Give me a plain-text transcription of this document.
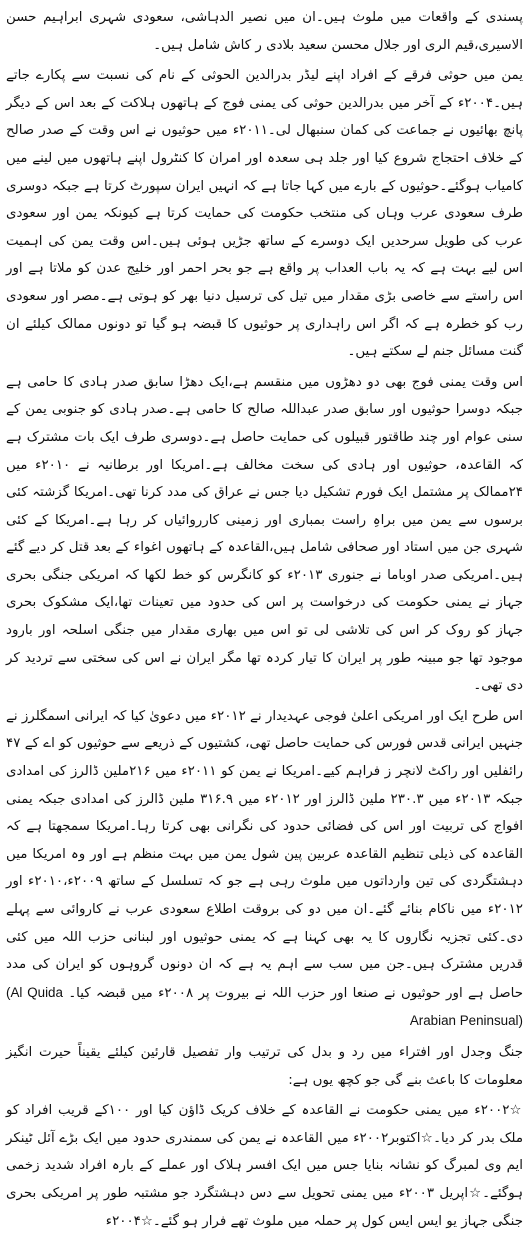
پسندی کے واقعات میں ملوث ہیں۔ان میں نصیر الدہاشی، سعودی شہری ابراہیم حسن الاسیری،قیم الری اور جلال محسن سعید بلادی ر کاش شامل ہیں۔

یمن میں حوثی فرقے کے افراد اپنے لیڈر بدرالدین الحوثی کے نام کی نسبت سے پکارے جاتے ہیں۔۲۰۰۴ء کے آخر میں بدرالدین حوثی کی یمنی فوج کے ہاتھوں ہلاکت کے بعد اس کے دیگر پانچ بھائیوں نے جماعت کی کمان سنبھال لی۔۲۰۱۱ء میں حوثیوں نے اس وقت کے صدر صالح کے خلاف احتجاج شروع کیا اور جلد ہی سعدہ اور امران کا کنٹرول اپنے ہاتھوں میں لینے میں کامیاب ہوگئے۔حوثیوں کے بارے میں کہا جاتا ہے کہ انہیں ایران سپورٹ کرتا ہے جبکہ دوسری طرف سعودی عرب وہاں کی منتخب حکومت کی حمایت کرتا ہے کیونکہ یمن اور سعودی عرب کی طویل سرحدیں ایک دوسرے کے ساتھ جڑیں ہوئی ہیں۔اس وقت یمن کی اہمیت اس لیے بہت ہے کہ یہ باب العداب پر واقع ہے جو بحر احمر اور خلیج عدن کو ملاتا ہے اور اس راستے سے خاصی بڑی مقدار میں تیل کی ترسیل دنیا بھر کو ہوتی ہے۔مصر اور سعودی رب کو خطرہ ہے کہ اگر اس راہداری پر حوثیوں کا قبضہ ہو گیا تو دونوں ممالک کیلئے ان گنت مسائل جنم لے سکتے ہیں۔

اس وقت یمنی فوج بھی دو دھڑوں میں منقسم ہے،ایک دھڑا سابق صدر ہادی کا حامی ہے جبکہ دوسرا حوثیوں اور سابق صدر عبداللہ صالح کا حامی ہے۔صدر ہادی کو جنوبی یمن کے سنی عوام اور چند طاقتور قبیلوں کی حمایت حاصل ہے۔دوسری طرف ایک بات مشترک ہے کہ القاعدہ، حوثیوں اور ہادی کی سخت مخالف ہے۔امریکا اور برطانیہ نے ۲۰۱۰ء میں ۲۴ممالک پر مشتمل ایک فورم تشکیل دیا جس نے عراق کی مدد کرنا تھی۔امریکا گزشتہ کئی برسوں سے یمن میں براہِ راست بمباری اور زمینی کارروائیاں کر رہا ہے۔امریکا کے کئی شہری جن میں استاد اور صحافی شامل ہیں،القاعدہ کے ہاتھوں اغواء کے بعد قتل کر دیے گئے ہیں۔امریکی صدر اوباما نے جنوری ۲۰۱۳ء کو کانگرس کو خط لکھا کہ امریکی جنگی بحری جہاز نے یمنی حکومت کی درخواست پر اس کی حدود میں تعینات تھا،ایک مشکوک بحری جہاز کو روک کر اس کی تلاشی لی تو اس میں بھاری مقدار میں جنگی اسلحہ اور بارود موجود تھا جو مبینہ طور پر ایران کا تیار کردہ تھا مگر ایران نے اس کی سختی سے تردید کر دی تھی۔

اس طرح ایک اور امریکی اعلیٰ فوجی عہدیدار نے ۲۰۱۲ء میں دعویٰ کیا کہ ایرانی اسمگلرز نے جنہیں ایرانی قدس فورس کی حمایت حاصل تھی، کشتیوں کے ذریعے سے حوثیوں کو اے کے ۴۷ رائفلیں اور راکٹ لانچر ز فراہم کیے۔امریکا نے یمن کو ۲۰۱۱ء میں ۲۱۶ملین ڈالرز کی امدادی جبکہ ۲۰۱۳ء میں ۲۳۰.۳ ملین ڈالرز اور ۲۰۱۲ء میں ۳۱۶.۹ ملین ڈالرز کی امدادی جبکہ یمنی افواج کی تربیت اور اس کی فضائی حدود کی نگرانی بھی کرتا رہا۔امریکا سمجھتا ہے کہ القاعدہ کی ذیلی تنظیم القاعدہ عربین پین شول یمن میں بہت منظم ہے اور وہ امریکا میں دہشتگردی کی تین وارداتوں میں ملوث رہی ہے جو کہ تسلسل کے ساتھ ۲۰۰۹ء،۲۰۱۰ء اور ۲۰۱۲ء میں ناکام بنائے گئے۔ان میں دو کی بروقت اطلاع سعودی عرب نے کاروائی سے پہلے دی۔کئی تجزیہ نگاروں کا یہ بھی کہنا ہے کہ یمنی حوثیوں اور لبنانی حزب اللہ میں کئی قدریں مشترک ہیں۔جن میں سب سے اہم یہ ہے کہ ان دونوں گروہوں کو ایران کی مدد حاصل ہے اور حوثیوں نے صنعا اور حزب اللہ نے بیروت پر ۲۰۰۸ء میں قبضہ کیا۔ (Al Quida Arabian Peninsual)

جنگ وجدل اور افتراء میں رد و بدل کی ترتیب وار تفصیل قارئین کیلئے یقیناً حیرت انگیز معلومات کا باعث بنے گی جو کچھ یوں ہے:

☆۲۰۰۲ء میں یمنی حکومت نے القاعدہ کے خلاف کریک ڈاؤن کیا اور ۱۰۰کے قریب افراد کو ملک بدر کر دیا۔☆اکتوبر۲۰۰۲ء میں القاعدہ نے یمن کی سمندری حدود میں ایک بڑے آئل ٹینکر ایم وی لمبرگ کو نشانہ بنایا جس میں ایک افسر ہلاک اور عملے کے بارہ افراد شدید زخمی ہوگئے۔☆اپریل ۲۰۰۳ء میں یمنی تحویل سے دس دہشتگرد جو مشتبہ طور پر امریکی بحری جنگی جہاز یو ایس ایس کول پر حملہ میں ملوث تھے فرار ہو گئے۔☆۲۰۰۴ء
